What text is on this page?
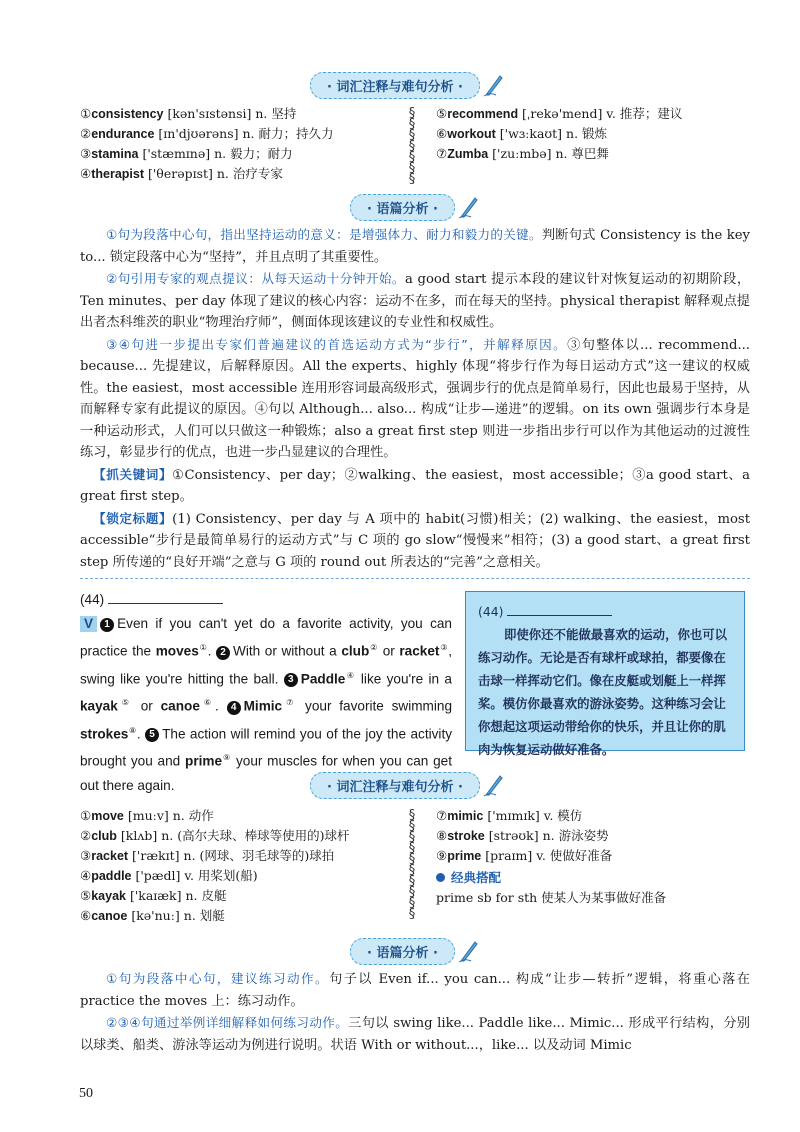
· 词汇注释与难句分析 ·
①consistency [kən'sɪstənsi] n. 坚持
②endurance [ɪn'djʊərəns] n. 耐力；持久力
③stamina ['stæmɪnə] n. 毅力；耐力
④therapist ['θerəpɪst] n. 治疗专家
§
§
§
§
§
§
§
⑤recommend [ˌrekə'mend] v. 推荐；建议
⑥workout ['wɜːkaʊt] n. 锻炼
⑦Zumba ['zuːmbə] n. 尊巴舞
· 语篇分析 ·
①句为段落中心句，指出坚持运动的意义：是增强体力、耐力和毅力的关键。判断句式 Consistency is the key to... 锁定段落中心为“坚持”，并且点明了其重要性。
②句引用专家的观点提议：从每天运动十分钟开始。a good start 提示本段的建议针对恢复运动的初期阶段，Ten minutes、per day 体现了建议的核心内容：运动不在多，而在每天的坚持。physical therapist 解释观点提出者杰科维茨的职业“物理治疗师”，侧面体现该建议的专业性和权威性。
③④句进一步提出专家们普遍建议的首选运动方式为“步行”，并解释原因。③句整体以... recommend... because... 先提建议，后解释原因。All the experts、highly 体现“将步行作为每日运动方式”这一建议的权威性。the easiest，most accessible 连用形容词最高级形式，强调步行的优点是简单易行，因此也最易于坚持，从而解释专家有此提议的原因。④句以 Although... also... 构成“让步—递进”的逻辑。on its own 强调步行本身是一种运动形式，人们可以只做这一种锻炼；also a great first step 则进一步指出步行可以作为其他运动的过渡性练习，彰显步行的优点，也进一步凸显建议的合理性。
【抓关键词】①Consistency、per day；②walking、the easiest，most accessible；③a good start、a great first step。
【锁定标题】(1) Consistency、per day 与 A 项中的 habit(习惯)相关；(2) walking、the easiest，most accessible“步行是最简单易行的运动方式”与 C 项的 go slow“慢慢来”相符；(3) a good start、a great first step 所传递的“良好开端”之意与 G 项的 round out 所表达的“完善”之意相关。
(44)
V 1 Even if you can't yet do a favorite activity, you can practice the moves①. 2 With or without a club② or racket③, swing like you're hitting the ball. 3 Paddle④ like you're in a kayak⑤ or canoe⑥. 4 Mimic⑦ your favorite swimming strokes⑧. 5 The action will remind you of the joy the activity brought you and prime⑨ your muscles for when you can get out there again.
(44)
即使你还不能做最喜欢的运动，你也可以练习动作。无论是否有球杆或球拍，都要像在击球一样挥动它们。像在皮艇或划艇上一样挥桨。模仿你最喜欢的游泳姿势。这种练习会让你想起这项运动带给你的快乐，并且让你的肌肉为恢复运动做好准备。
· 词汇注释与难句分析 ·
①move [muːv] n. 动作
②club [klʌb] n. (高尔夫球、棒球等使用的)球杆
③racket ['rækɪt] n. (网球、羽毛球等的)球拍
④paddle ['pædl] v. 用桨划(船)
⑤kayak ['kaɪæk] n. 皮艇
⑥canoe [kə'nuː] n. 划艇
§
§
§
§
§
§
§
§
§
§
⑦mimic ['mɪmɪk] v. 模仿
⑧stroke [strəʊk] n. 游泳姿势
⑨prime [praɪm] v. 使做好准备
经典搭配
prime sb for sth 使某人为某事做好准备
· 语篇分析 ·
①句为段落中心句，建议练习动作。句子以 Even if... you can... 构成“让步—转折”逻辑，将重心落在 practice the moves 上：练习动作。
②③④句通过举例详细解释如何练习动作。三句以 swing like... Paddle like... Mimic... 形成平行结构，分别以球类、船类、游泳等运动为例进行说明。状语 With or without...，like... 以及动词 Mimic
50
